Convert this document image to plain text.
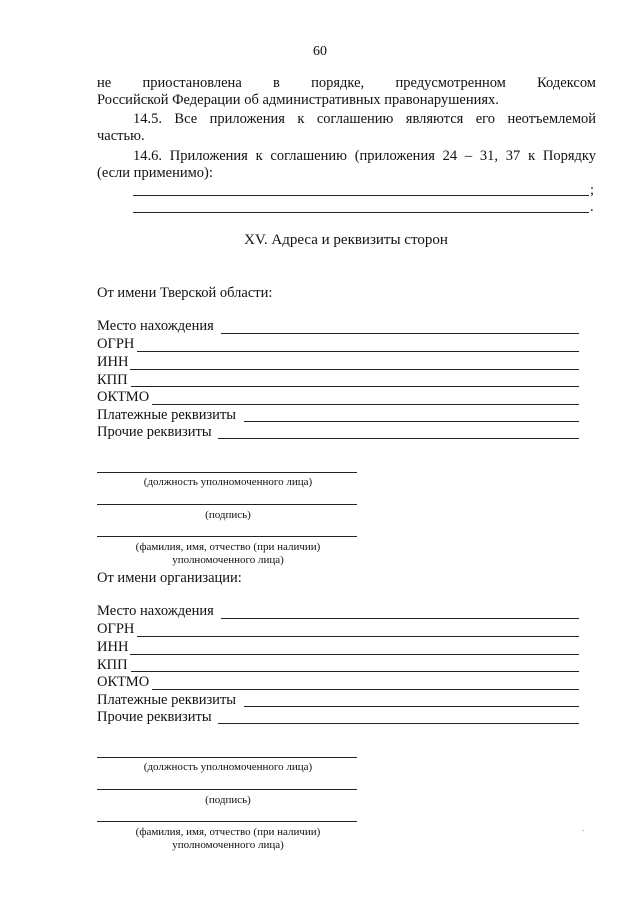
60
не приостановлена в порядке, предусмотренном Кодексом
Российской Федерации об административных правонарушениях.
14.5. Все приложения к соглашению являются его неотъемлемой
частью.
14.6. Приложения к соглашению (приложения 24 – 31, 37 к Порядку
(если применимо):
;
.
XV. Адреса и реквизиты сторон
От имени Тверской области:
Место нахождения
ОГРН
ИНН
КПП
ОКТМО
Платежные реквизиты
Прочие реквизиты
(должность уполномоченного лица)
(подпись)
(фамилия, имя, отчество (при наличии) уполномоченного лица)
От имени организации:
Место нахождения
ОГРН
ИНН
КПП
ОКТМО
Платежные реквизиты
Прочие реквизиты
(должность уполномоченного лица)
(подпись)
(фамилия, имя, отчество (при наличии) уполномоченного лица)
